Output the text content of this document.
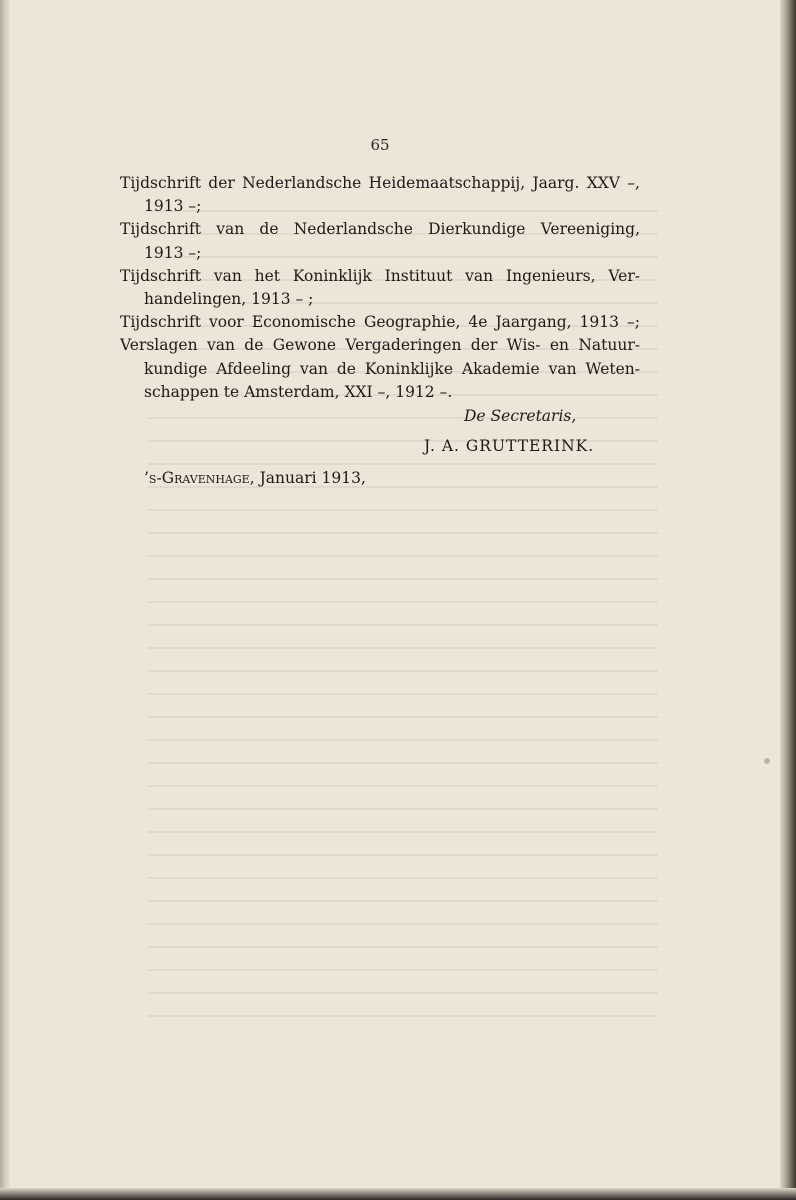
65
Tijdschrift der Nederlandsche Heidemaatschappij, Jaarg. XXV –,
1913 –;
Tijdschrift van de Nederlandsche Dierkundige Vereeniging,
1913 –;
Tijdschrift van het Koninklijk Instituut van Ingenieurs, Ver-
handelingen, 1913 – ;
Tijdschrift voor Economische Geographie, 4e Jaargang, 1913 –;
Verslagen van de Gewone Vergaderingen der Wis- en Natuur-
kundige Afdeeling van de Koninklijke Akademie van Weten-
schappen te Amsterdam, XXI –, 1912 –.
De Secretaris,
J. A. GRUTTERINK.
’s-Gravenhage, Januari 1913,
